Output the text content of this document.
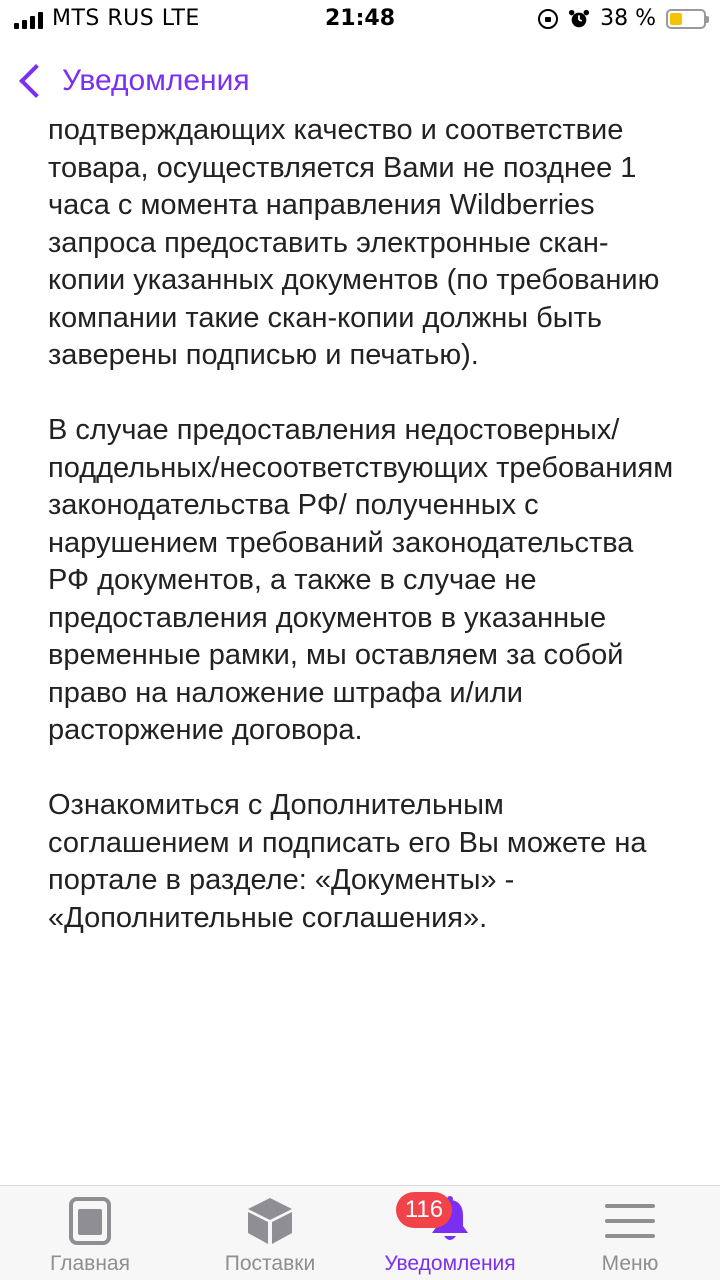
MTS RUS LTE	21:48	38 %
Уведомления

подтверждающих качество и соответствие товара, осуществляется Вами не позднее 1 часа с момента направления Wildberries запроса предоставить электронные скан-копии указанных документов (по требованию компании такие скан-копии должны быть заверены подписью и печатью).

В случае предоставления недостоверных/ поддельных/несоответствующих требованиям законодательства РФ/ полученных с нарушением требований законодательства РФ документов, а также в случае не предоставления документов в указанные временные рамки, мы оставляем за собой право на наложение штрафа и/или расторжение договора.

Ознакомиться с Дополнительным соглашением и подписать его Вы можете на портале в разделе: «Документы» - «Дополнительные соглашения».

Главная	Поставки
116
Уведомления	Меню
